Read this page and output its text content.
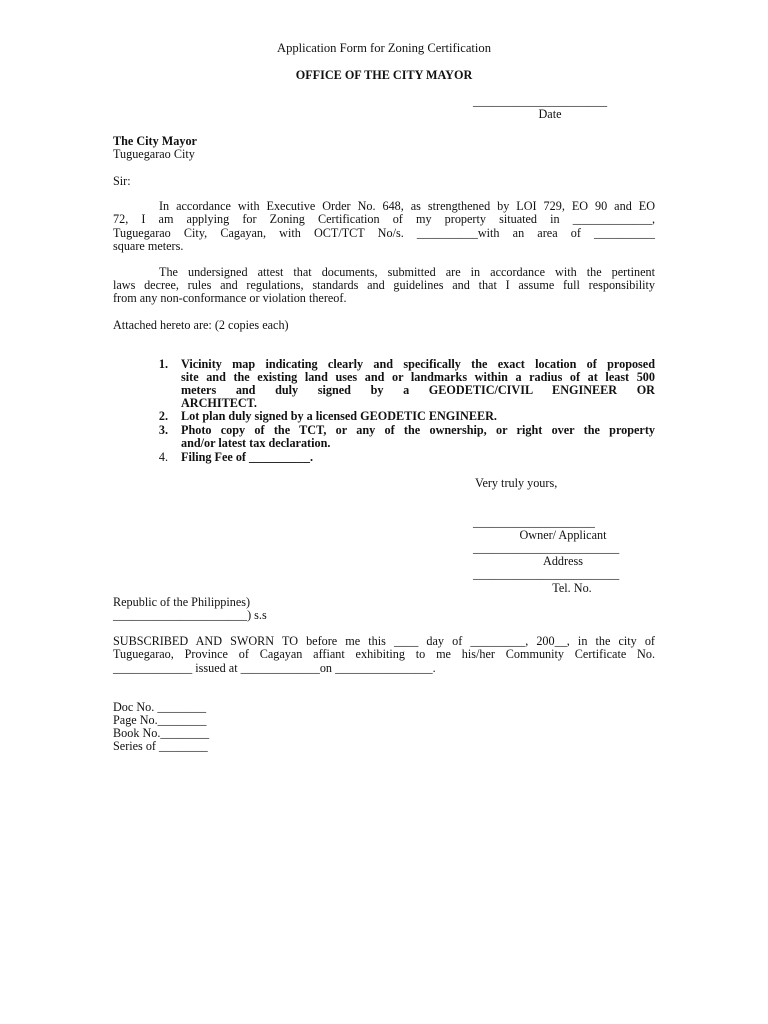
Application Form for Zoning Certification
OFFICE OF THE CITY MAYOR
______________________
Date
The City Mayor
Tuguegarao City
Sir:
In accordance with Executive Order No. 648, as strengthened by LOI 729, EO 90 and EO
72, I am applying for Zoning Certification of my property situated in _____________,
Tuguegarao City, Cagayan, with OCT/TCT No/s. __________with an area of __________
square meters.
The undersigned attest that documents, submitted are in accordance with the pertinent
laws decree, rules and regulations, standards and guidelines and that I assume full responsibility
from any non-conformance or violation thereof.
Attached hereto are: (2 copies each)
1. Vicinity map indicating clearly and specifically the exact location of proposed
site and the existing land uses and or landmarks within a radius of at least 500
meters and duly signed by a GEODETIC/CIVIL ENGINEER OR
ARCHITECT.
2. Lot plan duly signed by a licensed GEODETIC ENGINEER.
3. Photo copy of the TCT, or any of the ownership, or right over the property
and/or latest tax declaration.
4. Filing Fee of __________.
Very truly yours,
____________________
Owner/ Applicant
________________________
Address
________________________
Tel. No.
Republic of the Philippines)
______________________) s.s
SUBSCRIBED AND SWORN TO before me this ____ day of _________, 200__, in the city of
Tuguegarao, Province of Cagayan affiant exhibiting to me his/her Community Certificate No.
_____________ issued at _____________on ________________.
Doc No. ________
Page No.________
Book No.________
Series of ________
